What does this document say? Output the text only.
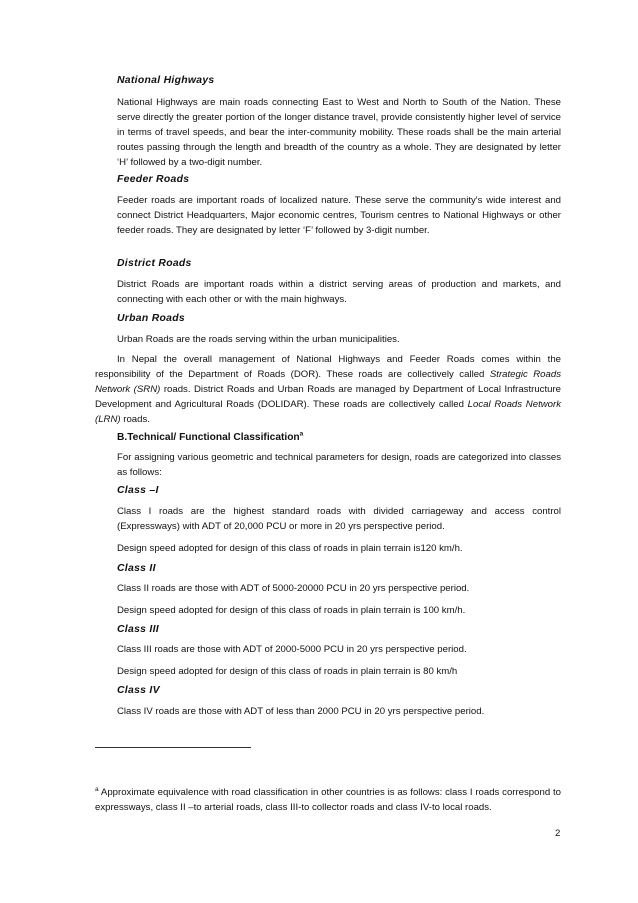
National Highways
National Highways are main roads connecting East to West and North to South of the Nation. These serve directly the greater portion of the longer distance travel, provide consistently higher level of service in terms of travel speeds, and bear the inter-community mobility. These roads shall be the main arterial routes passing through the length and breadth of the country as a whole. They are designated by letter ‘H’ followed by a two-digit number.
Feeder Roads
Feeder roads are important roads of localized nature. These serve the community's wide interest and connect District Headquarters, Major economic centres, Tourism centres to National Highways or other feeder roads. They are designated by letter ‘F’ followed by 3-digit number.
District Roads
District Roads are important roads within a district serving areas of production and markets, and connecting with each other or with the main highways.
Urban Roads
Urban Roads are the roads serving within the urban municipalities.
In Nepal the overall management of National Highways and Feeder Roads comes within the responsibility of the Department of Roads (DOR). These roads are collectively called Strategic Roads Network (SRN) roads. District Roads and Urban Roads are managed by Department of Local Infrastructure Development and Agricultural Roads (DOLIDAR). These roads are collectively called Local Roads Network (LRN) roads.
B.Technical/ Functional Classification$^a$
For assigning various geometric and technical parameters for design, roads are categorized into classes as follows:
Class –I
Class I roads are the highest standard roads with divided carriageway and access control (Expressways) with ADT of 20,000 PCU or more in 20 yrs perspective period.
Design speed adopted for design of this class of roads in plain terrain is120 km/h.
Class II
Class II roads are those with ADT of 5000-20000 PCU in 20 yrs perspective period.
Design speed adopted for design of this class of roads in plain terrain is 100 km/h.
Class III
Class III roads are those with ADT of 2000-5000 PCU in 20 yrs perspective period.
Design speed adopted for design of this class of roads in plain terrain is 80 km/h
Class IV
Class IV roads are those with ADT of less than 2000 PCU in 20 yrs perspective period.
$^a$ Approximate equivalence with road classification in other countries is as follows: class I roads correspond to expressways, class II –to arterial roads, class III-to collector roads and class IV-to local roads.
2
